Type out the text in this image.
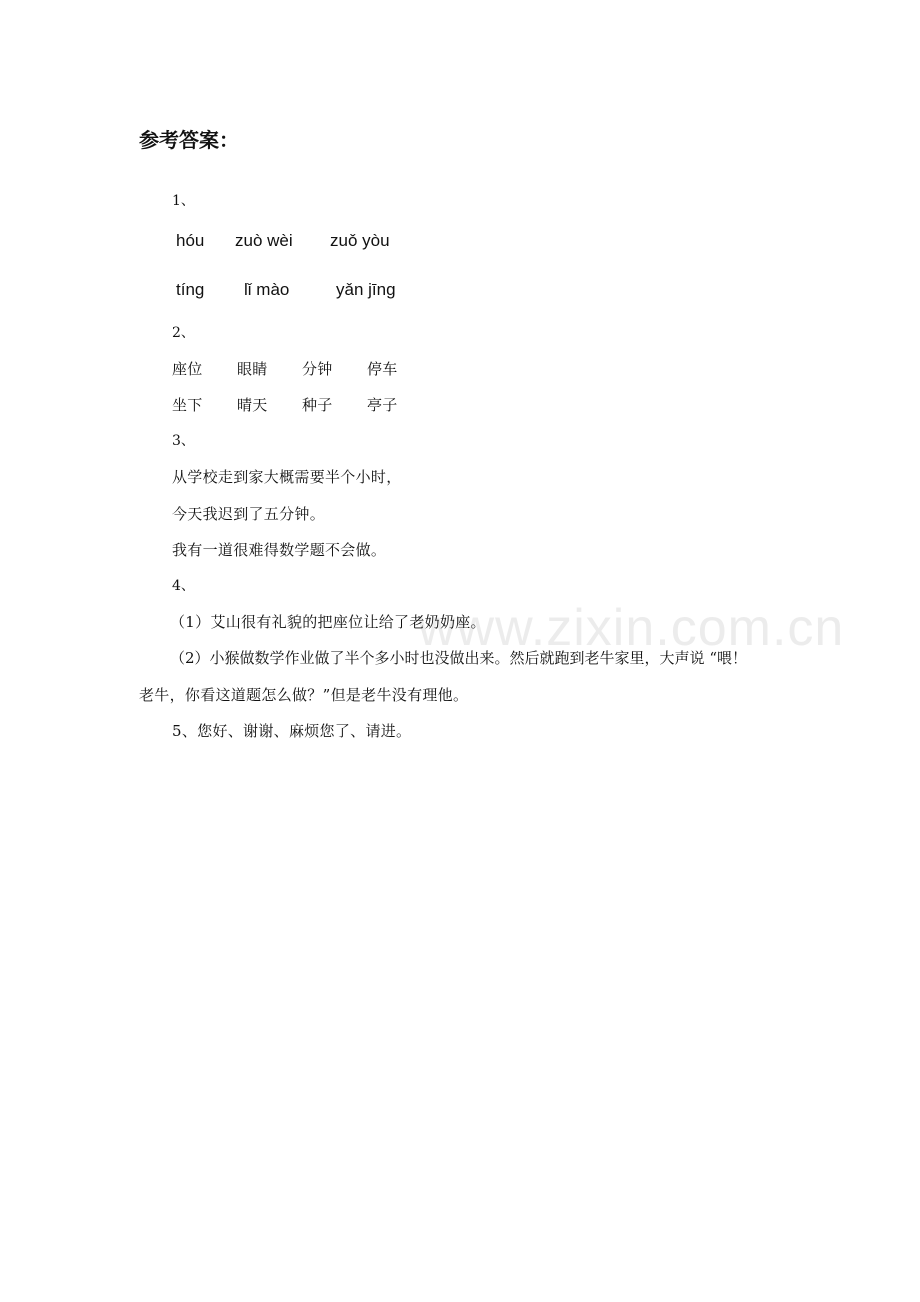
www.zixin.com.cn
参考答案：
1、
hóu zuò wèi zuǒ yòu
tíng lǐ mào	yǎn jīng
2、
座位 眼睛 分钟 停车
坐下 晴天 种子 亭子
3、
从学校走到家大概需要半个小时，
今天我迟到了五分钟。
我有一道很难得数学题不会做。
4、
（1）艾山很有礼貌的把座位让给了老奶奶座。
（2）小猴做数学作业做了半个多小时也没做出来。然后就跑到老牛家里，大声说 “喂！
老牛，你看这道题怎么做？”但是老牛没有理他。
5、您好、谢谢、麻烦您了、请进。
